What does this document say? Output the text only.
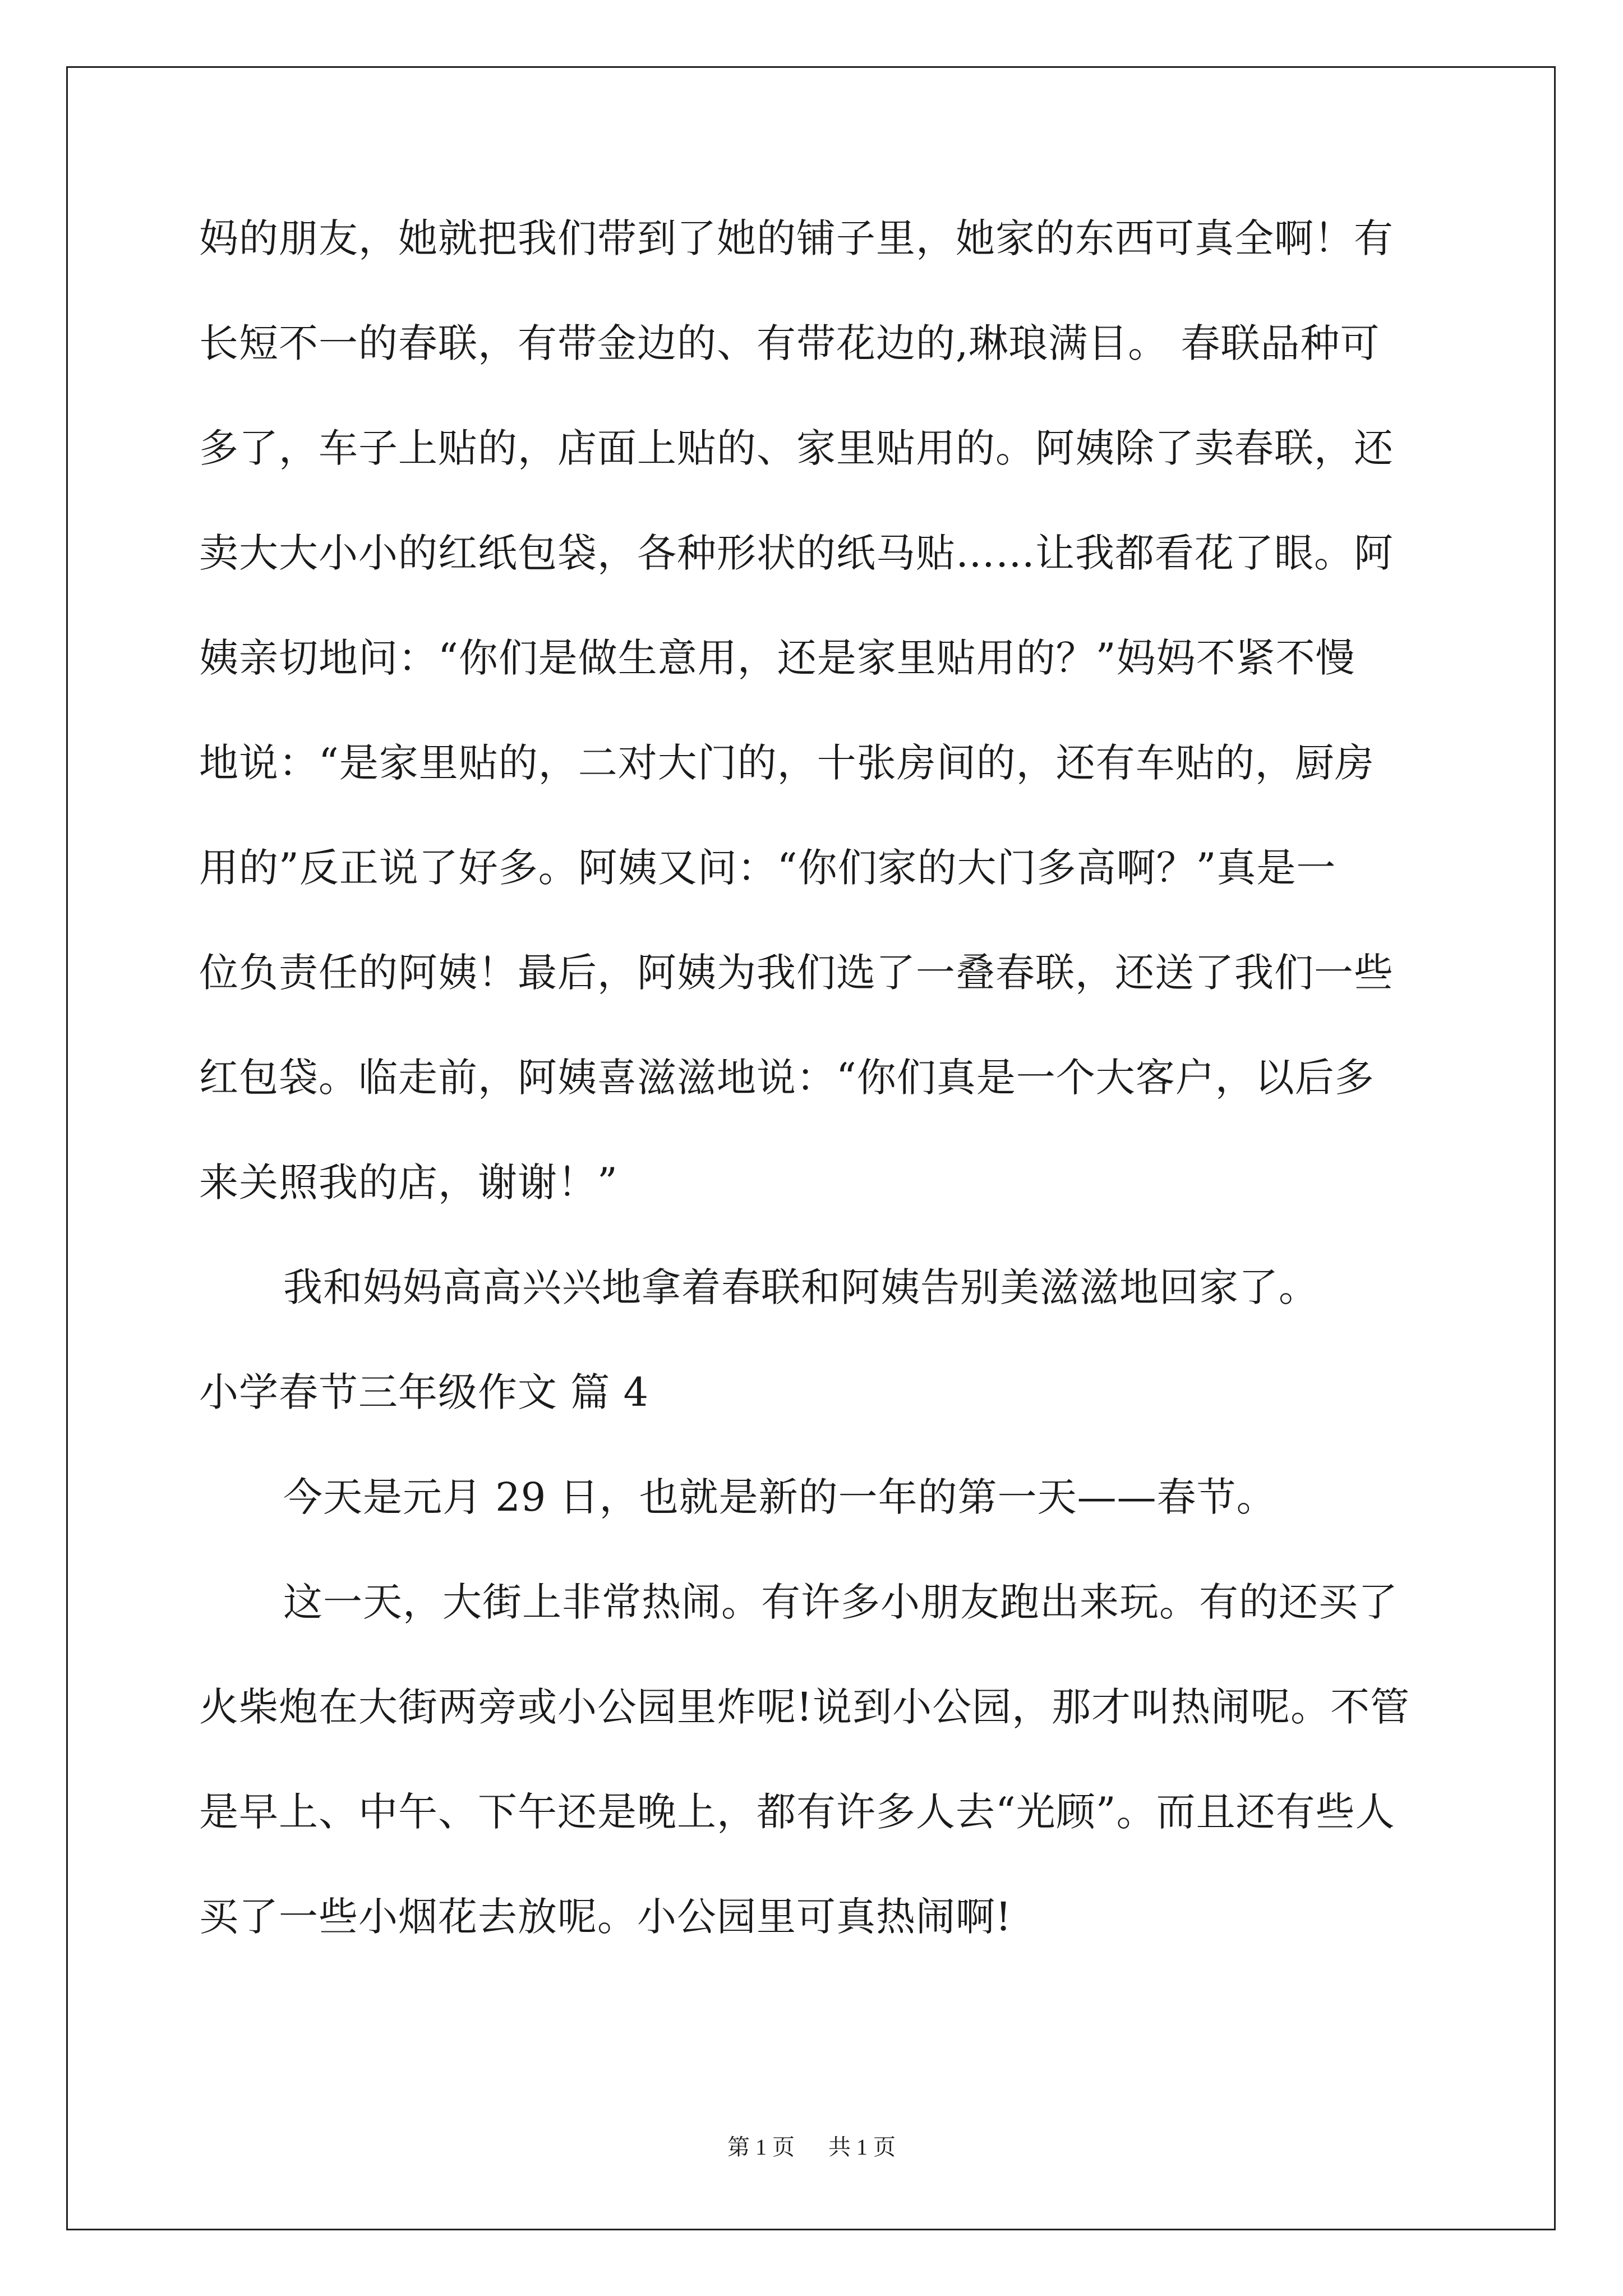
妈的朋友，她就把我们带到了她的铺子里，她家的东西可真全啊！有
长短不一的春联，有带金边的、有带花边的,琳琅满目。 春联品种可
多了，车子上贴的，店面上贴的、家里贴用的。阿姨除了卖春联，还
卖大大小小的红纸包袋，各种形状的纸马贴……让我都看花了眼。阿
姨亲切地问：“你们是做生意用，还是家里贴用的？”妈妈不紧不慢
地说：“是家里贴的，二对大门的，十张房间的，还有车贴的，厨房
用的”反正说了好多。阿姨又问：“你们家的大门多高啊？”真是一
位负责任的阿姨！最后，阿姨为我们选了一叠春联，还送了我们一些
红包袋。临走前，阿姨喜滋滋地说：“你们真是一个大客户，以后多
来关照我的店，谢谢！”
我和妈妈高高兴兴地拿着春联和阿姨告别美滋滋地回家了。
小学春节三年级作文 篇 4
今天是元月 29 日，也就是新的一年的第一天——春节。
这一天，大街上非常热闹。有许多小朋友跑出来玩。有的还买了
火柴炮在大街两旁或小公园里炸呢!说到小公园，那才叫热闹呢。不管
是早上、中午、下午还是晚上，都有许多人去“光顾”。而且还有些人
买了一些小烟花去放呢。小公园里可真热闹啊!
第 1 页 共 1 页
